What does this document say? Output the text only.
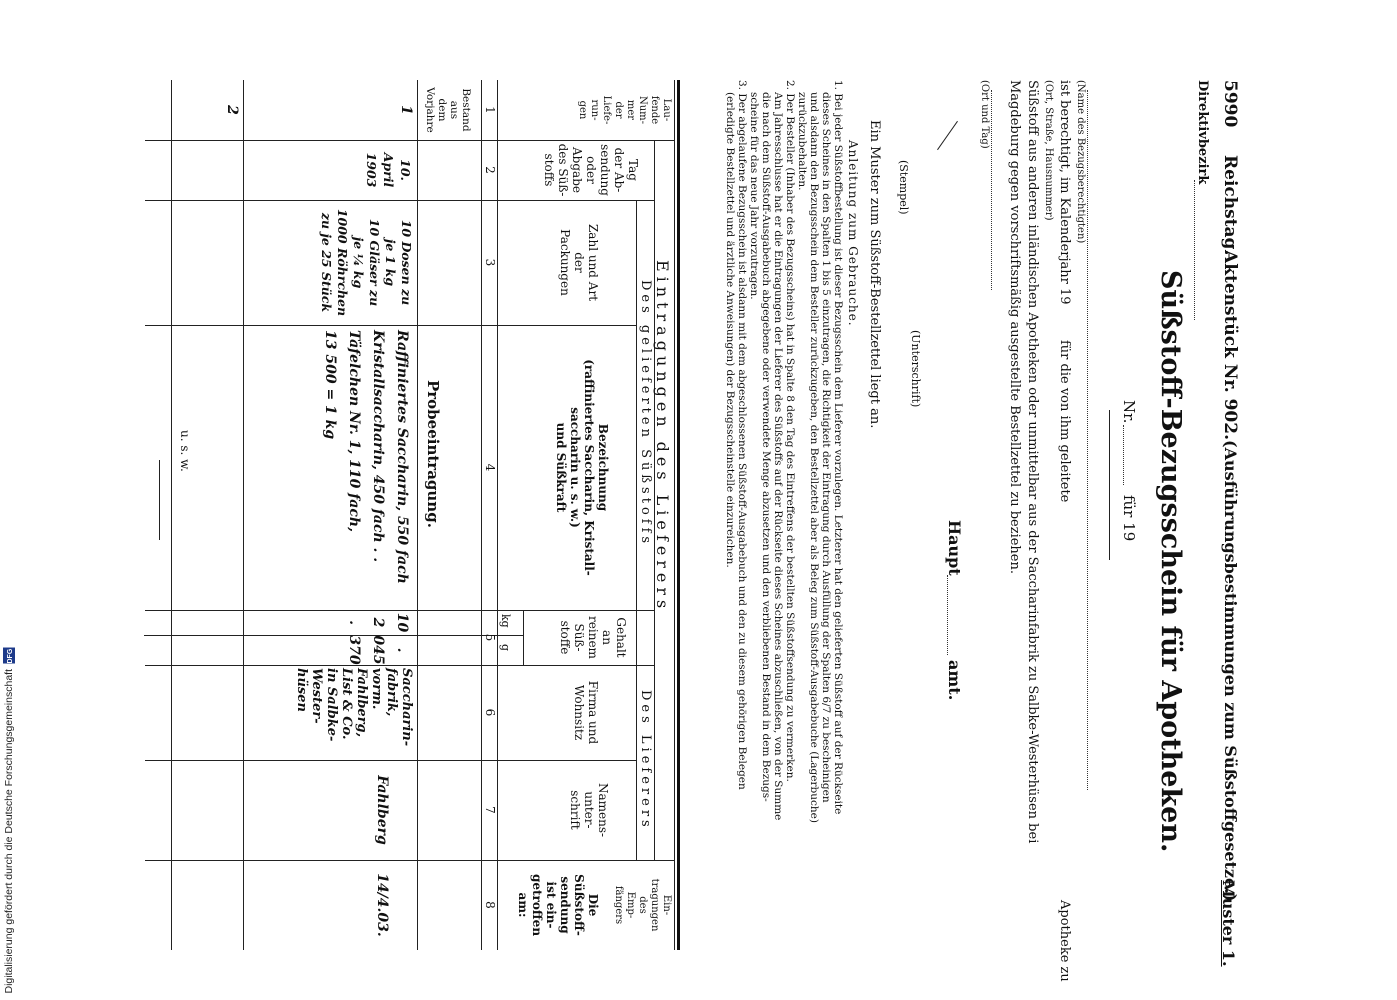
5990
Reichstag.
Aktenstück Nr. 902.
(Ausführungsbestimmungen zum Süßstoffgesetze.)
Muster 1.
Direktivbezirk
Süßstoff-Bezugsschein für Apotheken.
Nr.
für 19
(Name des Bezugsberechtigten)
ist berechtigt, im Kalenderjahr 19
für die von ihm geleitete
Apotheke zu
(Ort, Straße, Hausnummer)
Süßstoff aus anderen inländischen Apotheken oder unmittelbar aus der Saccharinfabrik zu Salbke-Westerhüsen bei
Magdeburg gegen vorschriftsmäßig ausgestellte Bestellzettel zu beziehen.
(Ort und Tag)
Haupt
amt.
(Unterschrift)
(Stempel)
Ein Muster zum Süßstoff-Bestellzettel liegt an.
Anleitung zum Gebrauche.
1. Bei jeder Süßstoffbestellung ist dieser Bezugsschein dem Lieferer vorzulegen. Letzterer hat den gelieferten Süßstoff auf der Rückseite
dieses Scheines in den Spalten 1 bis 5 einzutragen, die Richtigkeit der Eintragung durch Ausfüllung der Spalten 6/7 zu bescheinigen
und alsdann den Bezugsschein dem Besteller zurückzugeben, den Bestellzettel aber als Beleg zum Süßstoff-Ausgabebuche (Lagerbuche)
zurückzubehalten.
2. Der Besteller (Inhaber des Bezugsscheins) hat in Spalte 8 den Tag des Eintreffens der bestellten Süßstoffsendung zu vermerken.
Am Jahresschlusse hat er die Eintragungen der Lieferer des Süßstoffs auf der Rückseite dieses Scheines abzuschließen, von der Summe
die nach dem Süßstoff-Ausgabebuch abgegebene oder verwendete Menge abzusetzen und den verbliebenen Bestand in dem Bezugs-
scheine für das neue Jahr vorzutragen.
3. Der abgelaufene Bezugsschein ist alsdann mit dem abgeschlossenen Süßstoff-Ausgabebuch und den zu diesem gehörigen Belegen
(erledigte Bestellzettel und ärztliche Anweisungen) der Bezugsscheinstelle einzureichen.
Eintragungen des Lieferers
Des gelieferten Süßstoffs
Des Lieferers
Lau-
fende
Num-
mer
der
Liefe-
run-
gen
Tag
der Ab-
sendung
oder
Abgabe
des Süß-
stoffs
Zahl und Art
der
Packungen
Bezeichnung
(raffiniertes Saccharin, Kristall-
saccharin u. s. w.)
und Süßkraft
Gehalt
an
reinem
Süß-
stoffe
kg
g
Firma und
Wohnsitz
Namens-
unter-
schrift
Ein-
tragungen
des
Emp-
fängers
Die
Süßstoff-
sendung
ist ein-
getroffen
am:
1
2
3
4
5
6
7
8
Bestand aus
dem Vorjahre
Probeeintragung.
1
10. April
1903
10 Dosen zu
je 1 kg
10 Gläser zu
je ¼ kg
1000 Röhrchen
zu je 25 Stück
Raffiniertes Saccharin, 550 fach
Kristallsaccharin, 450 fach . .
Täfelchen Nr. 1, 110 fach,
13 500 = 1 kg
10
2
.
.
045
370
Saccharin-
fabrik,
vorm.
Fahlberg,
List & Co.
in Salbke-
Wester-
hüsen
Fahlberg
14/4.03.
2
u. s. w.
Digitalisierung gefördert durch die Deutsche Forschungsgemeinschaft
DFG
